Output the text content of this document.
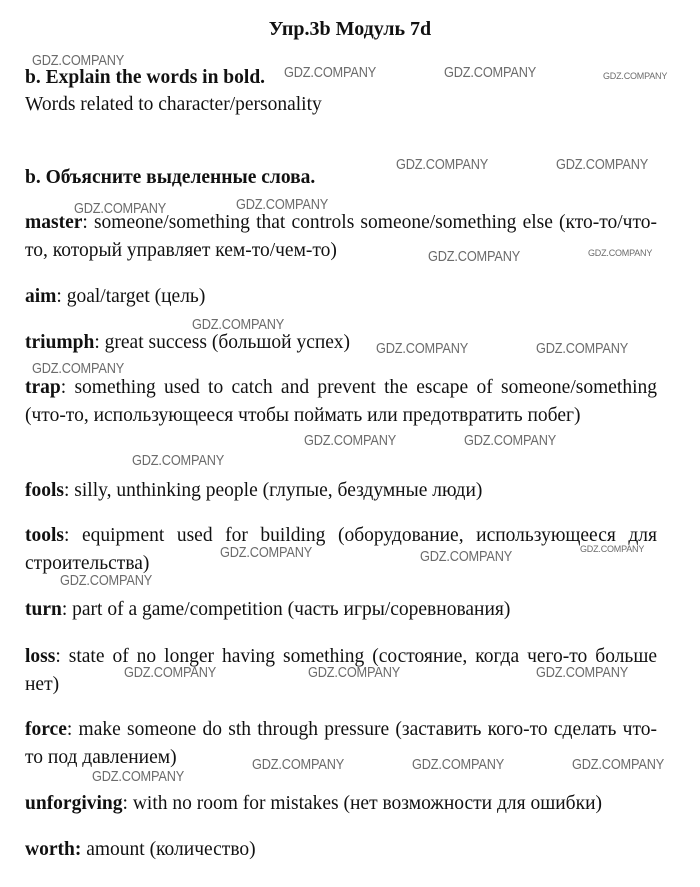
Упр.3b Модуль 7d
b. Explain the words in bold.
Words related to character/personality
b. Объясните выделенные слова.
master: someone/something that controls someone/something else (кто-то/что-то, который управляет кем-то/чем-то)
aim: goal/target (цель)
triumph: great success (большой успех)
trap: something used to catch and prevent the escape of someone/something (что-то, использующееся чтобы поймать или предотвратить побег)
fools: silly, unthinking people (глупые, бездумные люди)
tools: equipment used for building (оборудование, использующееся для строительства)
turn: part of a game/competition (часть игры/соревнования)
loss: state of no longer having something (состояние, когда чего-то больше нет)
force: make someone do sth through pressure (заставить кого-то сделать что-то под давлением)
unforgiving: with no room for mistakes (нет возможности для ошибки)
worth: amount (количество)
GDZ.COMPANY
GDZ.COMPANY	GDZ.COMPANY	GDZ.COMPANY
GDZ.COMPANY	GDZ.COMPANY
GDZ.COMPANY	GDZ.COMPANY
GDZ.COMPANY	GDZ.COMPANY
GDZ.COMPANY
GDZ.COMPANY	GDZ.COMPANY
GDZ.COMPANY
GDZ.COMPANY	GDZ.COMPANY
GDZ.COMPANY
GDZ.COMPANY	GDZ.COMPANY	GDZ.COMPANY
GDZ.COMPANY
GDZ.COMPANY	GDZ.COMPANY	GDZ.COMPANY
GDZ.COMPANY	GDZ.COMPANY	GDZ.COMPANY
GDZ.COMPANY
